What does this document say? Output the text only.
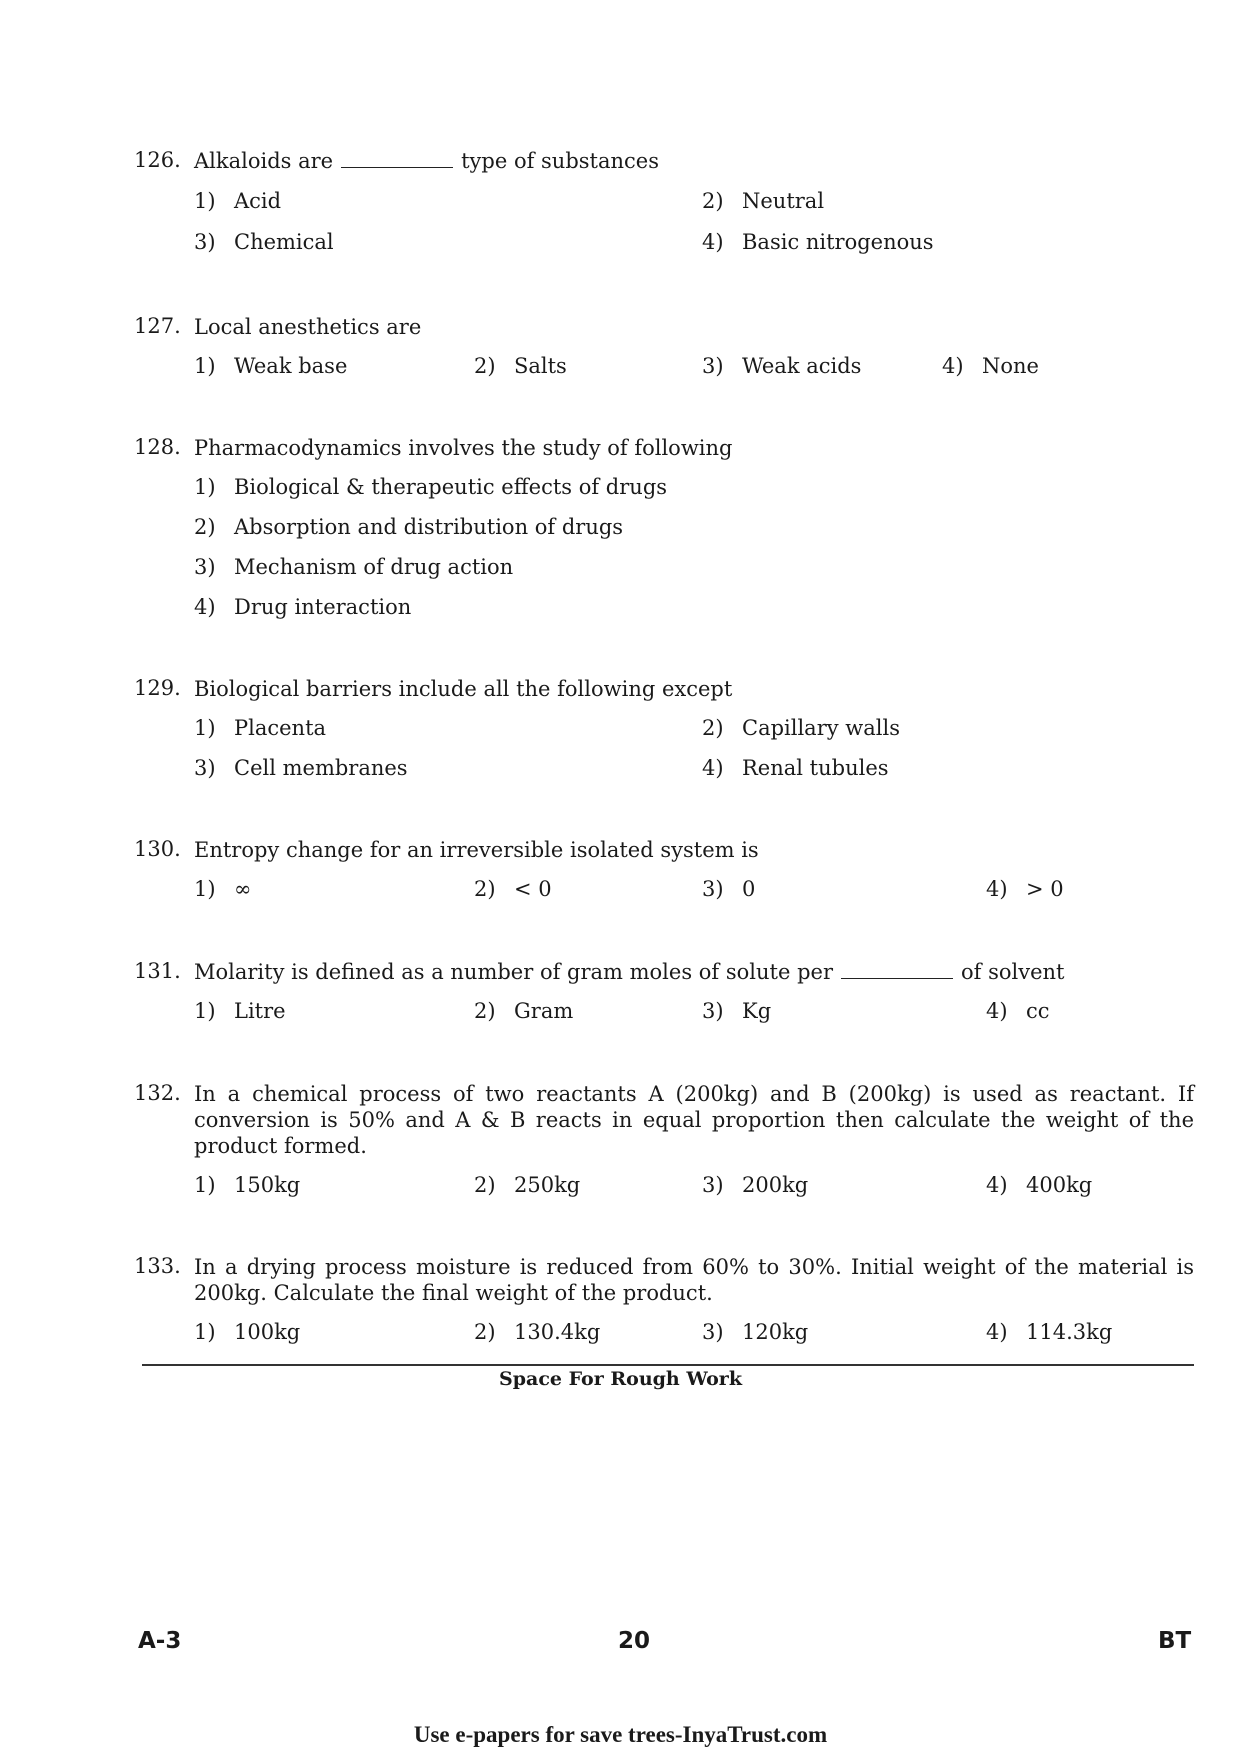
126. Alkaloids are	type of substances
1) Acid	2) Neutral
3) Chemical	4) Basic nitrogenous
127. Local anesthetics are
1) Weak base	2) Salts	3) Weak acids	4) None
128. Pharmacodynamics involves the study of following
1) Biological & therapeutic effects of drugs
2) Absorption and distribution of drugs
3) Mechanism of drug action
4) Drug interaction
129. Biological barriers include all the following except
1) Placenta	2) Capillary walls
3) Cell membranes	4) Renal tubules
130. Entropy change for an irreversible isolated system is
1) ∞	2) < 0	3) 0	4) > 0
131. Molarity is defined as a number of gram moles of solute per	of solvent
1) Litre	2) Gram	3) Kg	4) cc
132. In a chemical process of two reactants A (200kg) and B (200kg) is used as reactant. If conversion is 50% and A & B reacts in equal proportion then calculate the weight of the product formed.
1) 150kg	2) 250kg	3) 200kg	4) 400kg
133. In a drying process moisture is reduced from 60% to 30%. Initial weight of the material is 200kg. Calculate the final weight of the product.
1) 100kg	2) 130.4kg	3) 120kg	4) 114.3kg
Space For Rough Work
A-3	20	BT
Use e-papers for save trees-InyaTrust.com
